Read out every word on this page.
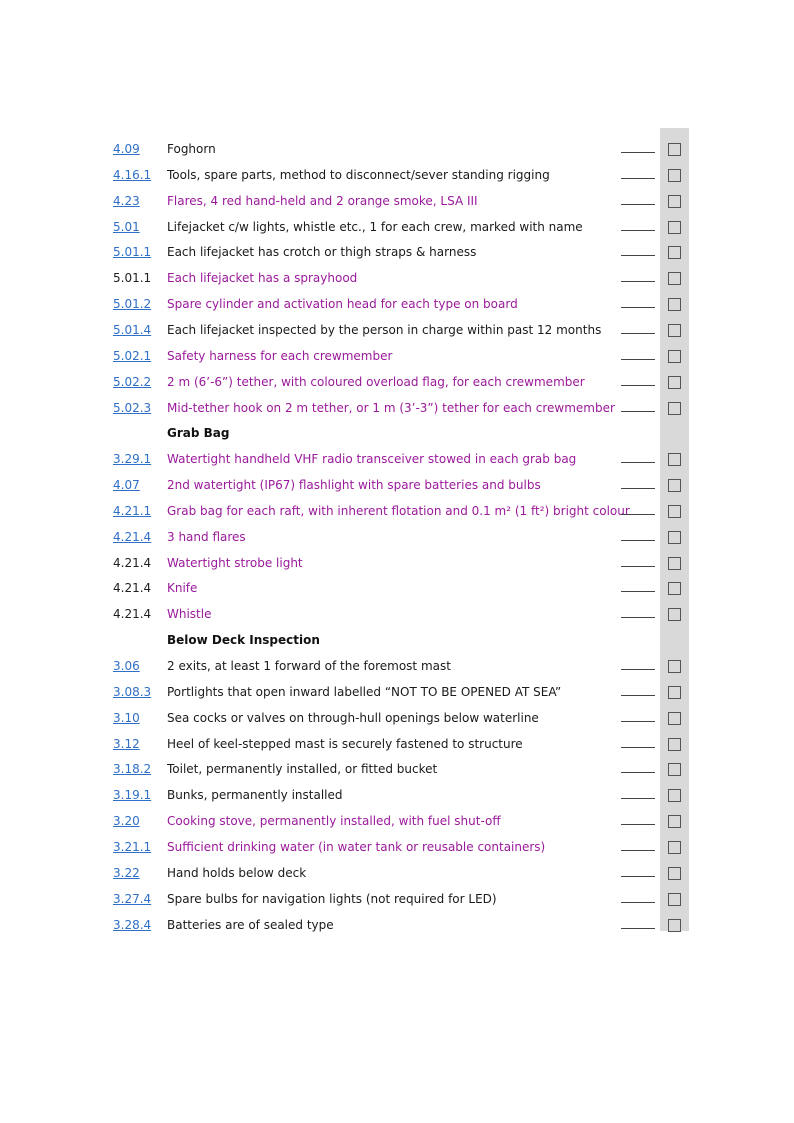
4.09 Foghorn
4.16.1 Tools, spare parts, method to disconnect/sever standing rigging
4.23 Flares, 4 red hand-held and 2 orange smoke, LSA III
5.01 Lifejacket c/w lights, whistle etc., 1 for each crew, marked with name
5.01.1 Each lifejacket has crotch or thigh straps & harness
5.01.1 Each lifejacket has a sprayhood
5.01.2 Spare cylinder and activation head for each type on board
5.01.4 Each lifejacket inspected by the person in charge within past 12 months
5.02.1 Safety harness for each crewmember
5.02.2 2 m (6’-6”) tether, with coloured overload flag, for each crewmember
5.02.3 Mid-tether hook on 2 m tether, or 1 m (3’-3”) tether for each crewmember
Grab Bag
3.29.1 Watertight handheld VHF radio transceiver stowed in each grab bag
4.07 2nd watertight (IP67) flashlight with spare batteries and bulbs
4.21.1 Grab bag for each raft, with inherent flotation and 0.1 m² (1 ft²) bright colour
4.21.4 3 hand flares
4.21.4 Watertight strobe light
4.21.4 Knife
4.21.4 Whistle
Below Deck Inspection
3.06 2 exits, at least 1 forward of the foremost mast
3.08.3 Portlights that open inward labelled “NOT TO BE OPENED AT SEA”
3.10 Sea cocks or valves on through-hull openings below waterline
3.12 Heel of keel-stepped mast is securely fastened to structure
3.18.2 Toilet, permanently installed, or fitted bucket
3.19.1 Bunks, permanently installed
3.20 Cooking stove, permanently installed, with fuel shut-off
3.21.1 Sufficient drinking water (in water tank or reusable containers)
3.22 Hand holds below deck
3.27.4 Spare bulbs for navigation lights (not required for LED)
3.28.4 Batteries are of sealed type
